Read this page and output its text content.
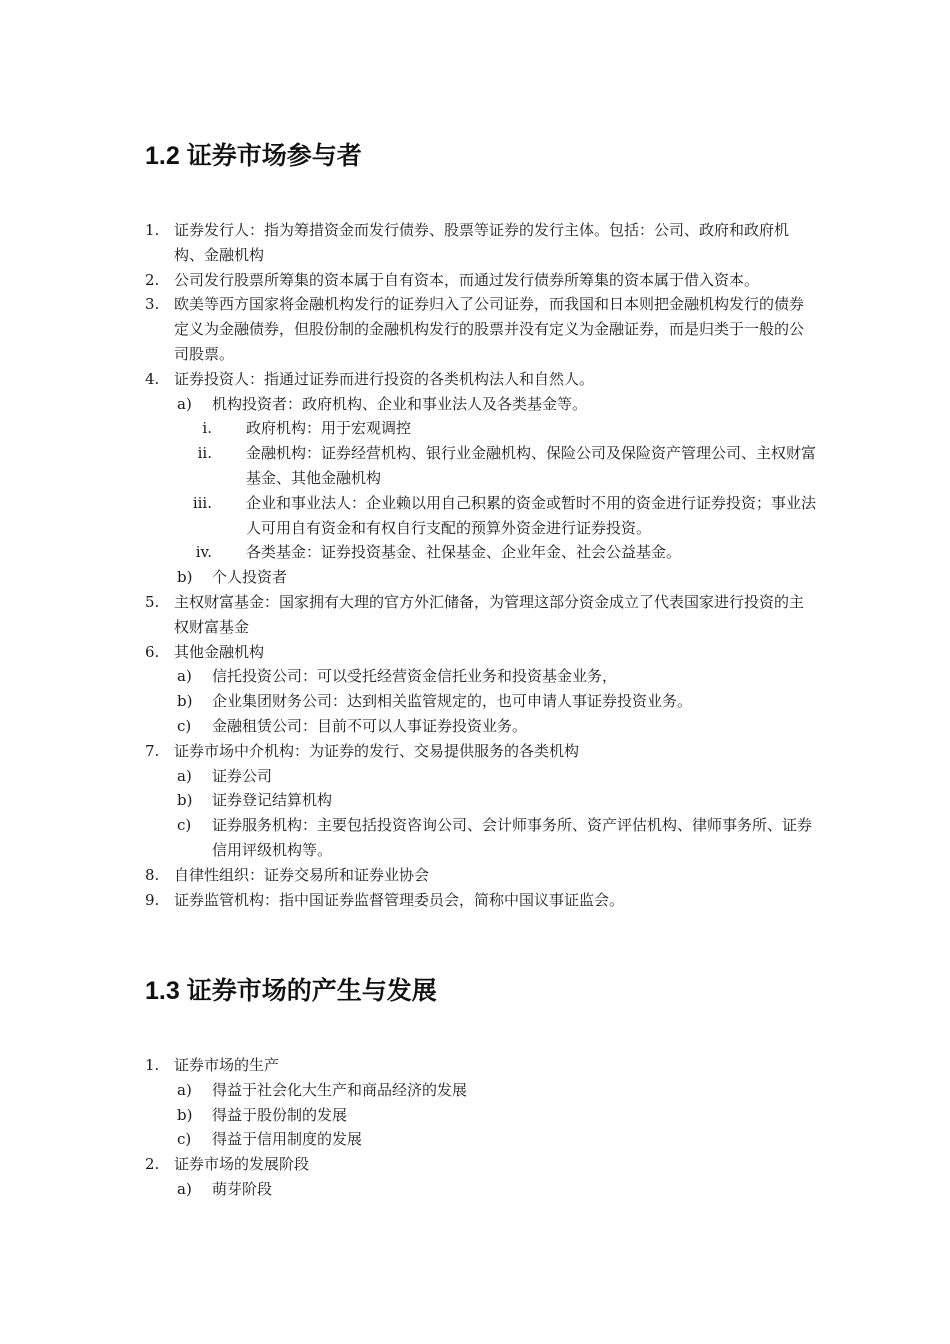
1.2 证券市场参与者
1. 证券发行人：指为筹措资金而发行债券、股票等证券的发行主体。包括：公司、政府和政府机构、金融机构
2. 公司发行股票所筹集的资本属于自有资本，而通过发行债券所筹集的资本属于借入资本。
3. 欧美等西方国家将金融机构发行的证券归入了公司证券，而我国和日本则把金融机构发行的债券定义为金融债券，但股份制的金融机构发行的股票并没有定义为金融证券，而是归类于一般的公司股票。
4. 证券投资人：指通过证券而进行投资的各类机构法人和自然人。
a) 机构投资者：政府机构、企业和事业法人及各类基金等。
i. 政府机构：用于宏观调控
ii. 金融机构：证券经营机构、银行业金融机构、保险公司及保险资产管理公司、主权财富基金、其他金融机构
iii. 企业和事业法人：企业赖以用自己积累的资金或暂时不用的资金进行证券投资；事业法人可用自有资金和有权自行支配的预算外资金进行证券投资。
iv. 各类基金：证券投资基金、社保基金、企业年金、社会公益基金。
b) 个人投资者
5. 主权财富基金：国家拥有大理的官方外汇储备，为管理这部分资金成立了代表国家进行投资的主权财富基金
6. 其他金融机构
a) 信托投资公司：可以受托经营资金信托业务和投资基金业务，
b) 企业集团财务公司：达到相关监管规定的，也可申请人事证券投资业务。
c) 金融租赁公司：目前不可以人事证券投资业务。
7. 证券市场中介机构：为证券的发行、交易提供服务的各类机构
a) 证券公司
b) 证券登记结算机构
c) 证券服务机构：主要包括投资咨询公司、会计师事务所、资产评估机构、律师事务所、证券信用评级机构等。
8. 自律性组织：证券交易所和证券业协会
9. 证券监管机构：指中国证券监督管理委员会，简称中国议事证监会。
1.3 证券市场的产生与发展
1. 证券市场的生产
a) 得益于社会化大生产和商品经济的发展
b) 得益于股份制的发展
c) 得益于信用制度的发展
2. 证券市场的发展阶段
a) 萌芽阶段
